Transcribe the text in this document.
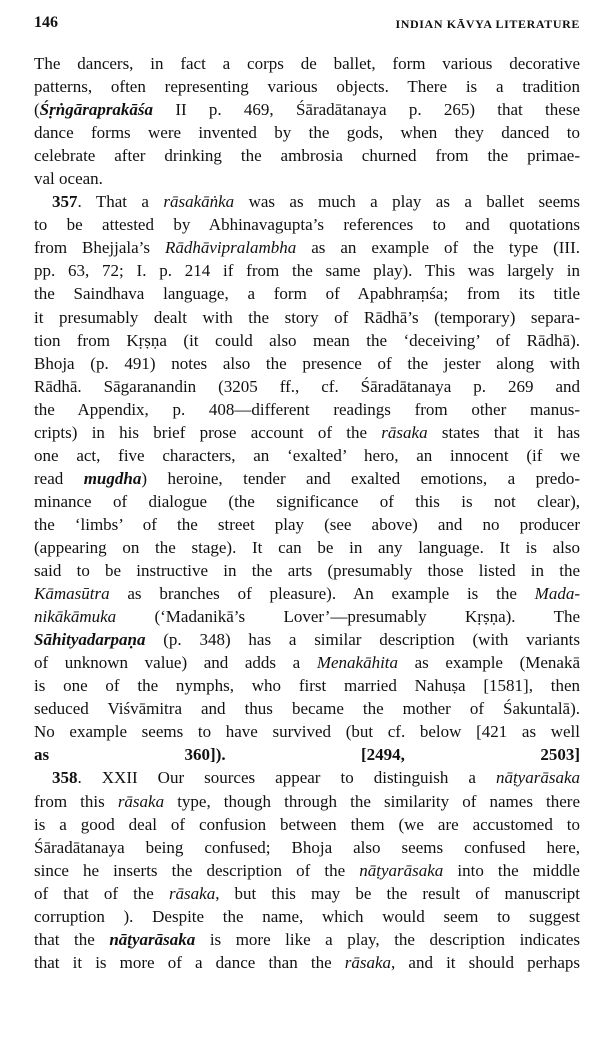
146	INDIAN KĀVYA LITERATURE
The dancers, in fact a corps de ballet, form various decorative
patterns, often representing various objects. There is a tradition
(Śṛṅgāraprakāśa II p. 469, Śāradātanaya p. 265) that these
dance forms were invented by the gods, when they danced to
celebrate after drinking the ambrosia churned from the primae-
val ocean.
357. That a rāsakāṅka was as much a play as a ballet seems
to be attested by Abhinavagupta’s references to and quotations
from Bhejjala’s Rādhāvipralambha as an example of the type (III.
pp. 63, 72; I. p. 214 if from the same play). This was largely in
the Saindhava language, a form of Apabhraṃśa; from its title
it presumably dealt with the story of Rādhā’s (temporary) separa-
tion from Kṛṣṇa (it could also mean the ‘deceiving’ of Rādhā).
Bhoja (p. 491) notes also the presence of the jester along with
Rādhā. Sāgaranandin (3205 ff., cf. Śāradātanaya p. 269 and
the Appendix, p. 408—different readings from other manus-
cripts) in his brief prose account of the rāsaka states that it has
one act, five characters, an ‘exalted’ hero, an innocent (if we
read mugdha) heroine, tender and exalted emotions, a predo-
minance of dialogue (the significance of this is not clear),
the ‘limbs’ of the street play (see above) and no producer
(appearing on the stage). It can be in any language. It is also
said to be instructive in the arts (presumably those listed in the
Kāmasūtra as branches of pleasure). An example is the Mada-
nikākāmuka (‘Madanikā’s Lover’—presumably Kṛṣṇa). The
Sāhityadarpaṇa (p. 348) has a similar description (with variants
of unknown value) and adds a Menakāhita as example (Menakā
is one of the nymphs, who first married Nahuṣa [1581], then
seduced Viśvāmitra and thus became the mother of Śakuntalā).
No example seems to have survived (but cf. below [421 as well
as 360]). [2494, 2503]
358. XXII Our sources appear to distinguish a nāṭyarāsaka
from this rāsaka type, though through the similarity of names there
is a good deal of confusion between them (we are accustomed to
Śāradātanaya being confused; Bhoja also seems confused here,
since he inserts the description of the nāṭyarāsaka into the middle
of that of the rāsaka, but this may be the result of manuscript
corruption ). Despite the name, which would seem to suggest
that the nāṭyarāsaka is more like a play, the description indicates
that it is more of a dance than the rāsaka, and it should perhaps
